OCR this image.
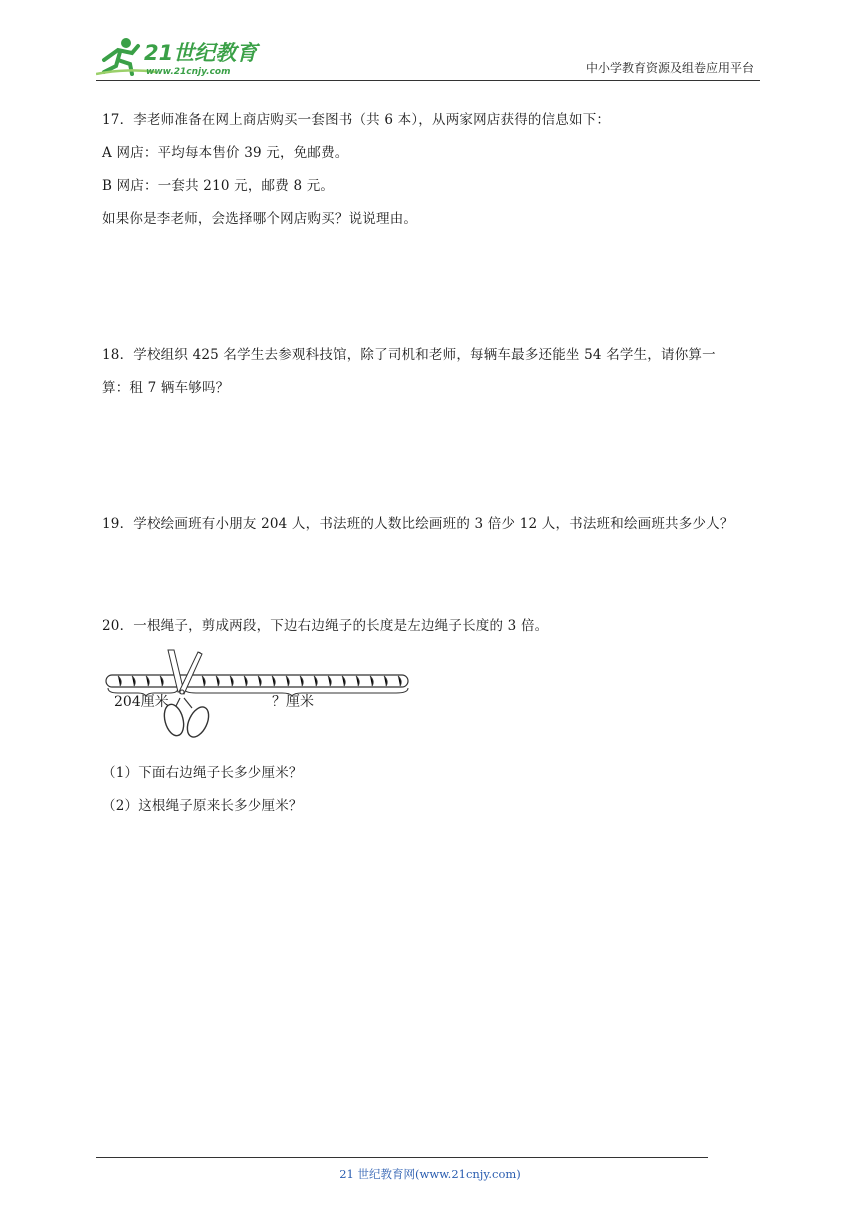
21世纪教育
www.21cnjy.com	中小学教育资源及组卷应用平台
17．李老师准备在网上商店购买一套图书（共 6 本），从两家网店获得的信息如下：
A 网店：平均每本售价 39 元，免邮费。
B 网店：一套共 210 元，邮费 8 元。
如果你是李老师，会选择哪个网店购买？说说理由。
18．学校组织 425 名学生去参观科技馆，除了司机和老师，每辆车最多还能坐 54 名学生，请你算一
算：租 7 辆车够吗？
19．学校绘画班有小朋友 204 人，书法班的人数比绘画班的 3 倍少 12 人，书法班和绘画班共多少人？
20．一根绳子，剪成两段，下边右边绳子的长度是左边绳子长度的 3 倍。
204厘米	？厘米
（1）下面右边绳子长多少厘米？
（2）这根绳子原来长多少厘米？
21 世纪教育网(www.21cnjy.com)
